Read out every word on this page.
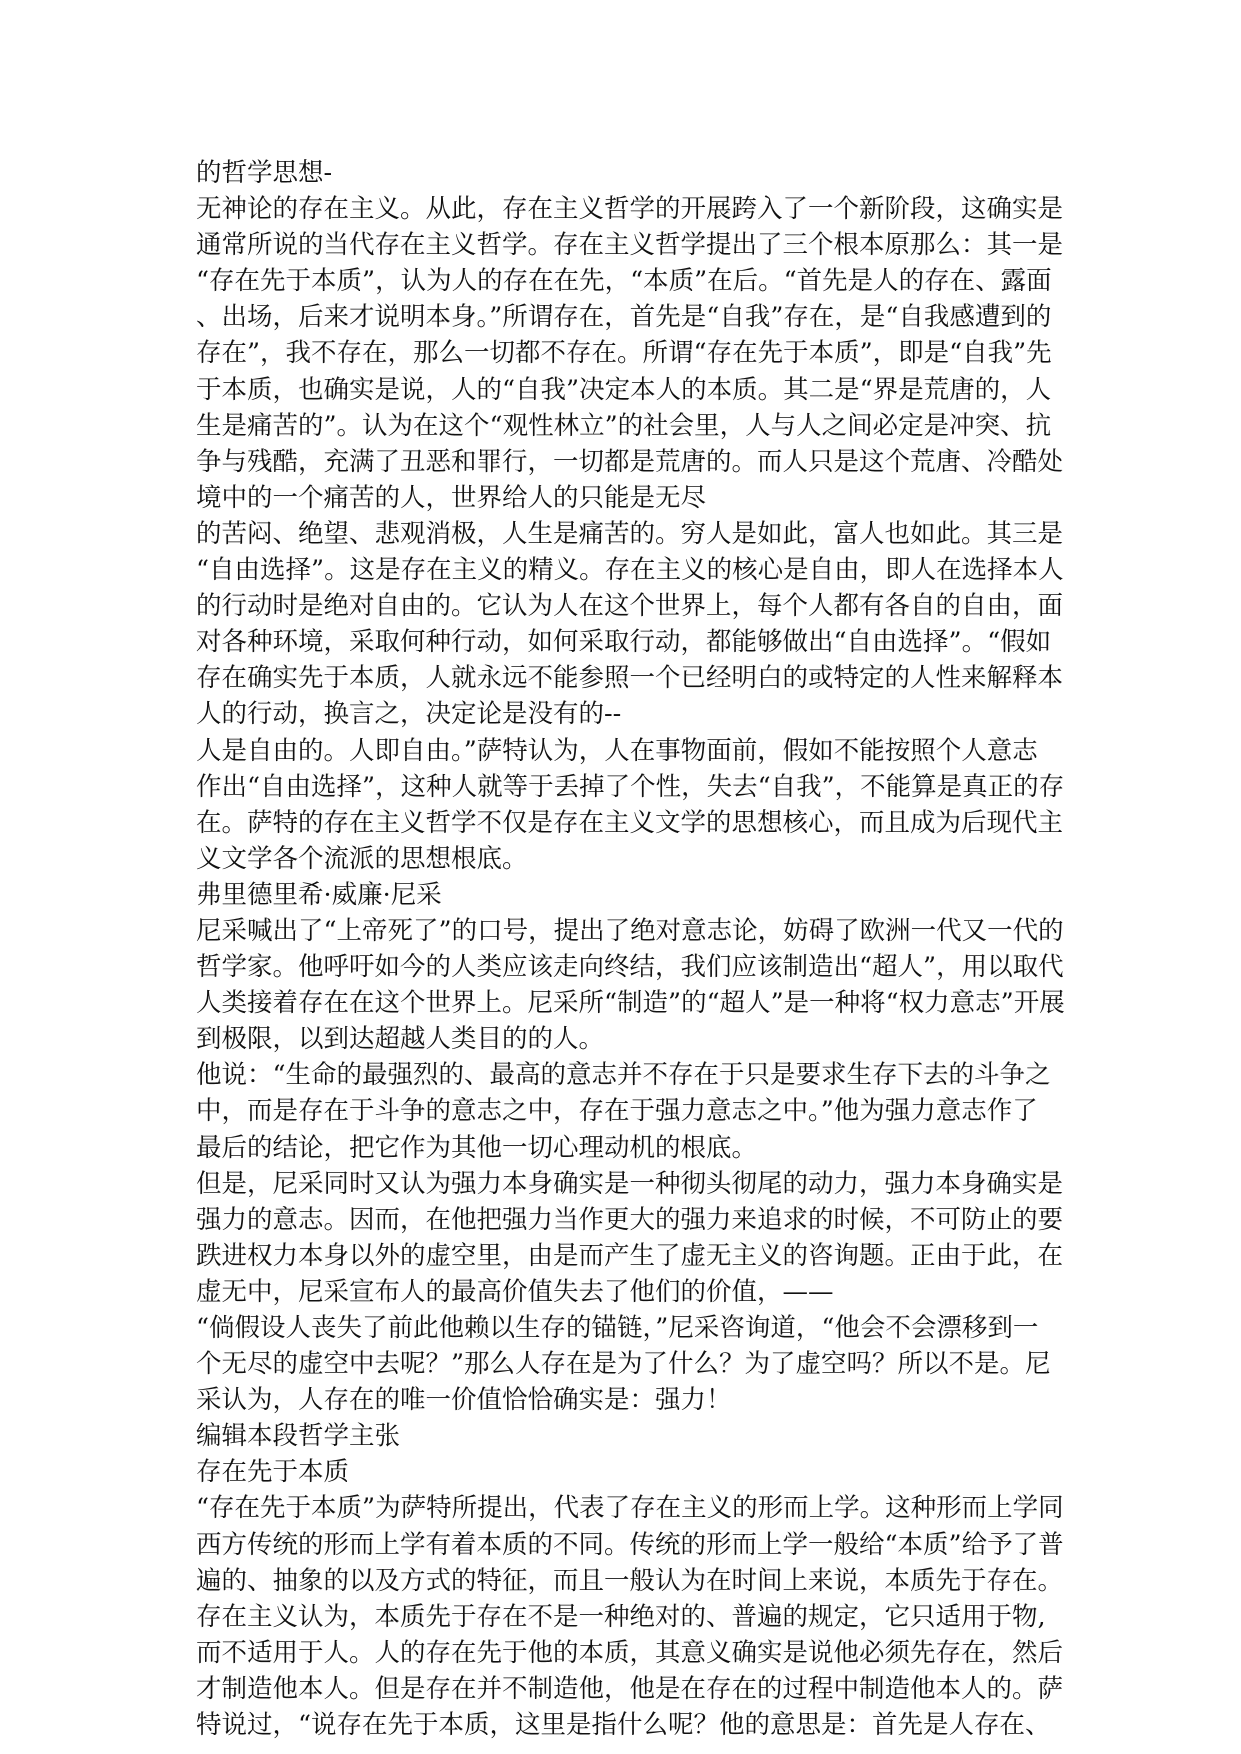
的哲学思想-
无神论的存在主义。从此，存在主义哲学的开展跨入了一个新阶段，这确实是
通常所说的当代存在主义哲学。存在主义哲学提出了三个根本原那么：其一是
“存在先于本质”，认为人的存在在先，“本质”在后。“首先是人的存在、露面
、出场，后来才说明本身。”所谓存在，首先是“自我”存在，是“自我感遭到的
存在”，我不存在，那么一切都不存在。所谓“存在先于本质”，即是“自我”先
于本质，也确实是说，人的“自我”决定本人的本质。其二是“界是荒唐的，人
生是痛苦的”。认为在这个“观性林立”的社会里，人与人之间必定是冲突、抗
争与残酷，充满了丑恶和罪行，一切都是荒唐的。而人只是这个荒唐、冷酷处
境中的一个痛苦的人，世界给人的只能是无尽
的苦闷、绝望、悲观消极，人生是痛苦的。穷人是如此，富人也如此。其三是
“自由选择”。这是存在主义的精义。存在主义的核心是自由，即人在选择本人
的行动时是绝对自由的。它认为人在这个世界上，每个人都有各自的自由，面
对各种环境，采取何种行动，如何采取行动，都能够做出“自由选择”。“假如
存在确实先于本质，人就永远不能参照一个已经明白的或特定的人性来解释本
人的行动，换言之，决定论是没有的--
人是自由的。人即自由。”萨特认为，人在事物面前，假如不能按照个人意志
作出“自由选择”，这种人就等于丢掉了个性，失去“自我”，不能算是真正的存
在。萨特的存在主义哲学不仅是存在主义文学的思想核心，而且成为后现代主
义文学各个流派的思想根底。
弗里德里希·威廉·尼采
尼采喊出了“上帝死了”的口号，提出了绝对意志论，妨碍了欧洲一代又一代的
哲学家。他呼吁如今的人类应该走向终结，我们应该制造出“超人”，用以取代
人类接着存在在这个世界上。尼采所“制造”的“超人”是一种将“权力意志”开展
到极限，以到达超越人类目的的人。
他说：“生命的最强烈的、最高的意志并不存在于只是要求生存下去的斗争之
中，而是存在于斗争的意志之中，存在于强力意志之中。”他为强力意志作了
最后的结论，把它作为其他一切心理动机的根底。
但是，尼采同时又认为强力本身确实是一种彻头彻尾的动力，强力本身确实是
强力的意志。因而，在他把强力当作更大的强力来追求的时候，不可防止的要
跌进权力本身以外的虚空里，由是而产生了虚无主义的咨询题。正由于此，在
虚无中，尼采宣布人的最高价值失去了他们的价值，——
“倘假设人丧失了前此他赖以生存的锚链，”尼采咨询道，“他会不会漂移到一
个无尽的虚空中去呢？”那么人存在是为了什么？为了虚空吗？所以不是。尼
采认为，人存在的唯一价值恰恰确实是：强力！
编辑本段哲学主张
存在先于本质
“存在先于本质”为萨特所提出，代表了存在主义的形而上学。这种形而上学同
西方传统的形而上学有着本质的不同。传统的形而上学一般给“本质”给予了普
遍的、抽象的以及方式的特征，而且一般认为在时间上来说，本质先于存在。
存在主义认为，本质先于存在不是一种绝对的、普遍的规定，它只适用于物,
而不适用于人。人的存在先于他的本质，其意义确实是说他必须先存在，然后
才制造他本人。但是存在并不制造他，他是在存在的过程中制造他本人的。萨
特说过，“说存在先于本质，这里是指什么呢？他的意思是：首先是人存在、
